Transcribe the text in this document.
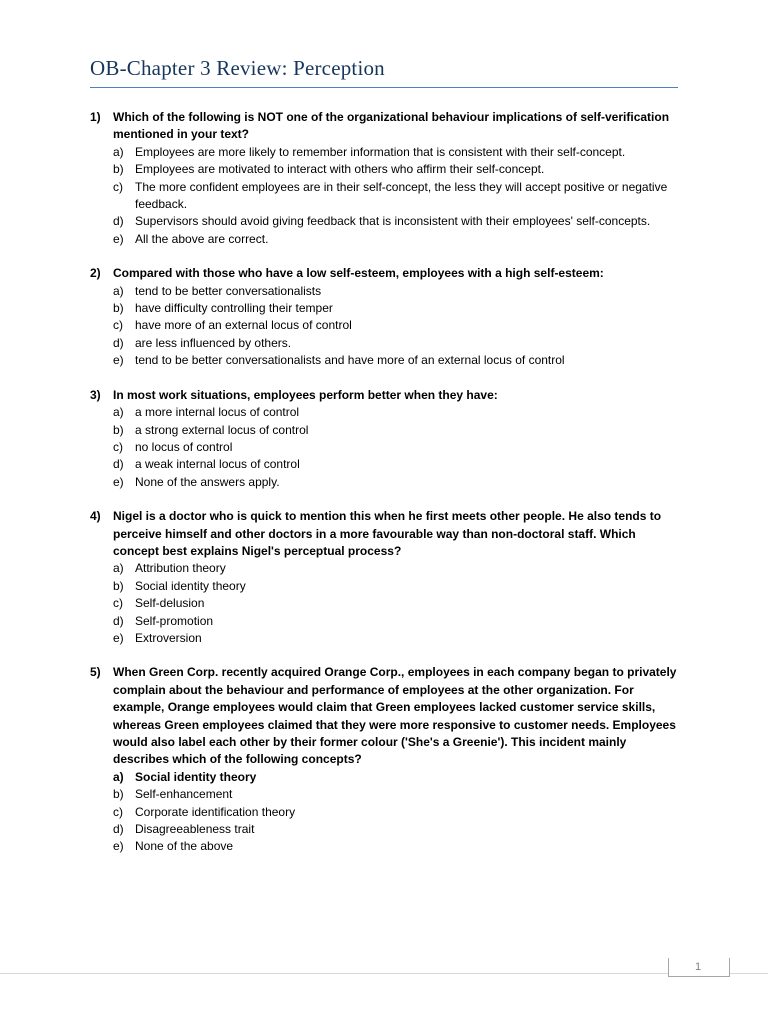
OB-Chapter 3 Review: Perception
1)	Which of the following is NOT one of the organizational behaviour implications of self-verification mentioned in your text?
a) Employees are more likely to remember information that is consistent with their self-concept.
b) Employees are motivated to interact with others who affirm their self-concept.
c)	The more confident employees are in their self-concept, the less they will accept positive or negative feedback.
d) Supervisors should avoid giving feedback that is inconsistent with their employees' self-concepts.
e) All the above are correct.
2)	Compared with those who have a low self-esteem, employees with a high self-esteem:
a) tend to be better conversationalists
b) have difficulty controlling their temper
c)	have more of an external locus of control
d) are less influenced by others.
e) tend to be better conversationalists and have more of an external locus of control
3)	In most work situations, employees perform better when they have:
a) a more internal locus of control
b) a strong external locus of control
c)	no locus of control
d) a weak internal locus of control
e) None of the answers apply.
4)	Nigel is a doctor who is quick to mention this when he first meets other people. He also tends to perceive himself and other doctors in a more favourable way than non-doctoral staff. Which concept best explains Nigel's perceptual process?
a) Attribution theory
b) Social identity theory
c)	Self-delusion
d) Self-promotion
e) Extroversion
5)	When Green Corp. recently acquired Orange Corp., employees in each company began to privately complain about the behaviour and performance of employees at the other organization. For example, Orange employees would claim that Green employees lacked customer service skills, whereas Green employees claimed that they were more responsive to customer needs. Employees would also label each other by their former colour ('She's a Greenie'). This incident mainly describes which of the following concepts?
a) Social identity theory
b) Self-enhancement
c)	Corporate identification theory
d) Disagreeableness trait
e) None of the above
1
